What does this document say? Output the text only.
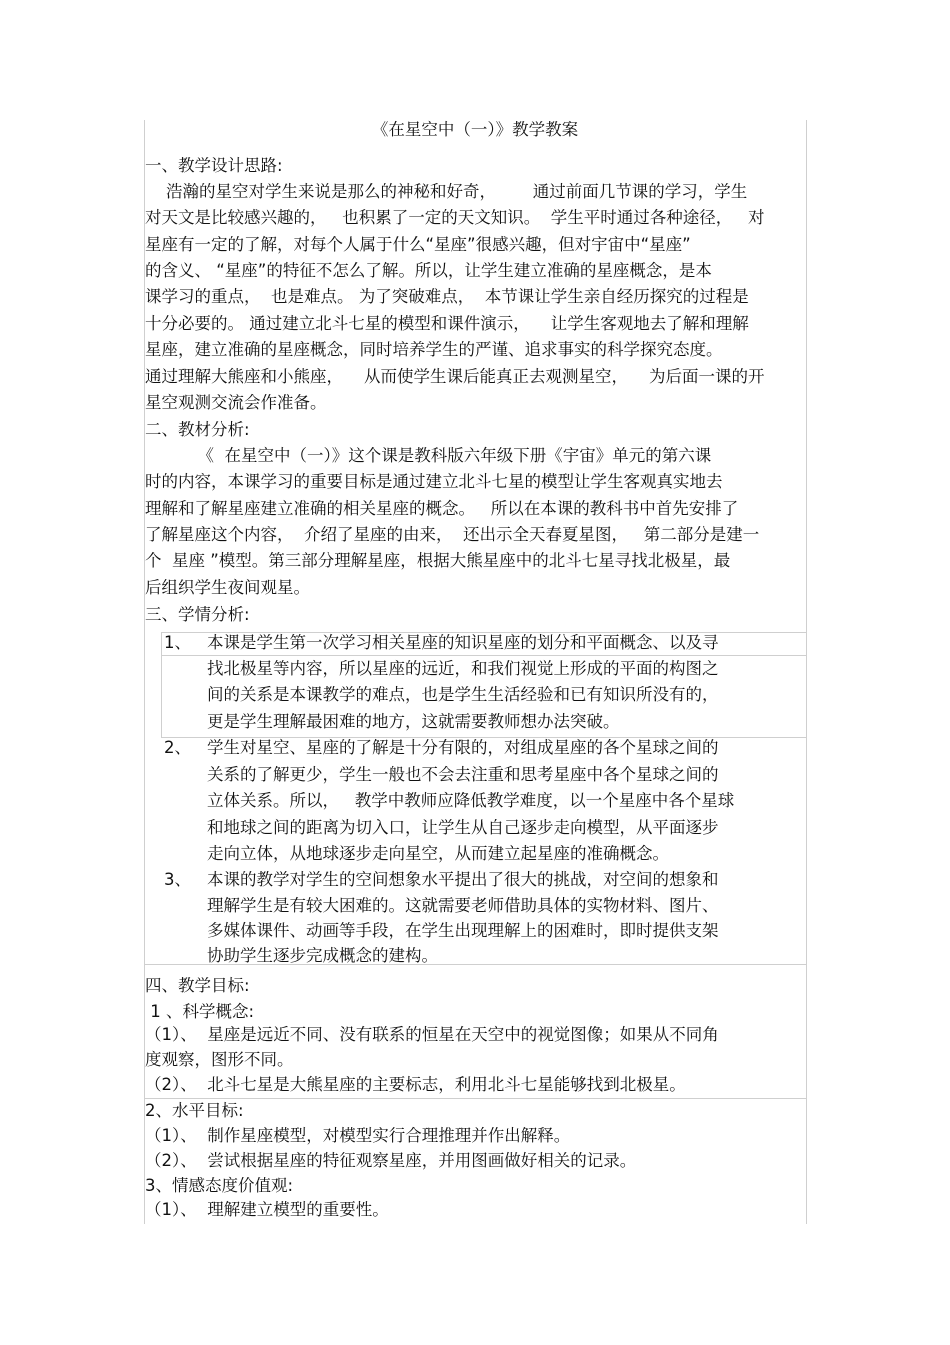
《在星空中（一）》教学教案
一、教学设计思路:
浩瀚的星空对学生来说是那么的神秘和好奇，       通过前面几节课的学习，学生
对天文是比较感兴趣的，   也积累了一定的天文知识。  学生平时通过各种途径，   对
星座有一定的了解，对每个人属于什么“星座”很感兴趣，但对宇宙中“星座”
的含义、 “星座”的特征不怎么了解。所以，让学生建立准确的星座概念，是本
课学习的重点，  也是难点。 为了突破难点，  本节课让学生亲自经历探究的过程是
十分必要的。 通过建立北斗七星的模型和课件演示，    让学生客观地去了解和理解
星座，建立准确的星座概念，同时培养学生的严谨、追求事实的科学探究态度。
通过理解大熊座和小熊座，    从而使学生课后能真正去观测星空，    为后面一课的开
星空观测交流会作准备。
二、教材分析:
《  在星空中（一）》这个课是教科版六年级下册《宇宙》单元的第六课
时的内容，本课学习的重要目标是通过建立北斗七星的模型让学生客观真实地去
理解和了解星座建立准确的相关星座的概念。   所以在本课的教科书中首先安排了
了解星座这个内容，  介绍了星座的由来，  还出示全天春夏星图，   第二部分是建一
个  星座 ”模型。第三部分理解星座，根据大熊星座中的北斗七星寻找北极星，最
后组织学生夜间观星。
三、学情分析:
1、 本课是学生第一次学习相关星座的知识星座的划分和平面概念、以及寻
找北极星等内容，所以星座的远近，和我们视觉上形成的平面的构图之
间的关系是本课教学的难点，也是学生生活经验和已有知识所没有的，
更是学生理解最困难的地方，这就需要教师想办法突破。
2、 学生对星空、星座的了解是十分有限的，对组成星座的各个星球之间的
关系的了解更少，学生一般也不会去注重和思考星座中各个星球之间的
立体关系。所以，   教学中教师应降低教学难度，以一个星座中各个星球
和地球之间的距离为切入口，让学生从自己逐步走向模型，从平面逐步
走向立体，从地球逐步走向星空，从而建立起星座的准确概念。
3、 本课的教学对学生的空间想象水平提出了很大的挑战，对空间的想象和
理解学生是有较大困难的。这就需要老师借助具体的实物材料、图片、
多媒体课件、动画等手段，在学生出现理解上的困难时，即时提供支架
协助学生逐步完成概念的建构。
四、教学目标:
1 、科学概念:
（1）、  星座是远近不同、没有联系的恒星在天空中的视觉图像；如果从不同角
度观察，图形不同。
（2）、  北斗七星是大熊星座的主要标志，利用北斗七星能够找到北极星。
2、水平目标:
（1）、  制作星座模型，对模型实行合理推理并作出解释。
（2）、  尝试根据星座的特征观察星座，并用图画做好相关的记录。
3、情感态度价值观:
（1）、  理解建立模型的重要性。
